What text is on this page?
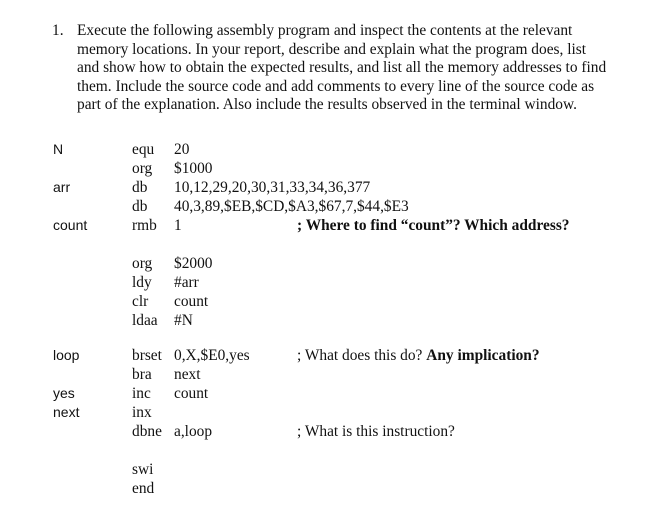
1. Execute the following assembly program and inspect the contents at the relevant
memory locations. In your report, describe and explain what the program does, list
and show how to obtain the expected results, and list all the memory addresses to find
them. Include the source code and add comments to every line of the source code as
part of the explanation. Also include the results observed in the terminal window.

N	equ 20
org $1000
arr	db 10,12,29,20,30,31,33,34,36,377
db 40,3,89,$EB,$CD,$A3,$67,7,$44,$E3
count	rmb 1	; Where to find “count”? Which address?
org $2000
ldy #arr
clr count
ldaa #N
loop	brset 0,X,$E0,yes	; What does this do? Any implication?
bra next
yes	inc count
next	inx
dbne a,loop	; What is this instruction?
swi
end
